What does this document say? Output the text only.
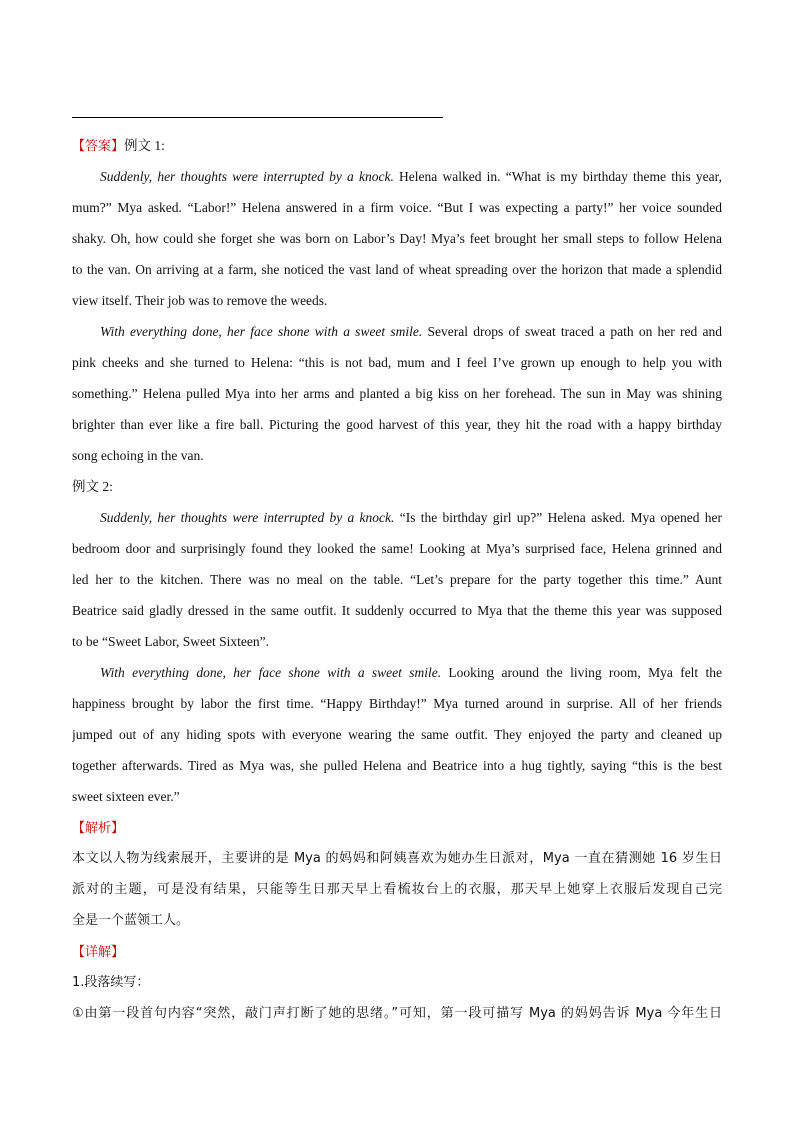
【答案】例文 1:
Suddenly, her thoughts were interrupted by a knock. Helena walked in. “What is my birthday theme this year,
mum?” Mya asked. “Labor!” Helena answered in a firm voice. “But I was expecting a party!” her voice sounded
shaky. Oh, how could she forget she was born on Labor’s Day! Mya’s feet brought her small steps to follow Helena
to the van. On arriving at a farm, she noticed the vast land of wheat spreading over the horizon that made a splendid
view itself. Their job was to remove the weeds.
With everything done, her face shone with a sweet smile. Several drops of sweat traced a path on her red and
pink cheeks and she turned to Helena: “this is not bad, mum and I feel I’ve grown up enough to help you with
something.” Helena pulled Mya into her arms and planted a big kiss on her forehead. The sun in May was shining
brighter than ever like a fire ball. Picturing the good harvest of this year, they hit the road with a happy birthday
song echoing in the van.
例文 2:
Suddenly, her thoughts were interrupted by a knock. “Is the birthday girl up?” Helena asked. Mya opened her
bedroom door and surprisingly found they looked the same! Looking at Mya’s surprised face, Helena grinned and
led her to the kitchen. There was no meal on the table. “Let’s prepare for the party together this time.” Aunt
Beatrice said gladly dressed in the same outfit. It suddenly occurred to Mya that the theme this year was supposed
to be “Sweet Labor, Sweet Sixteen”.
With everything done, her face shone with a sweet smile. Looking around the living room, Mya felt the
happiness brought by labor the first time. “Happy Birthday!” Mya turned around in surprise. All of her friends
jumped out of any hiding spots with everyone wearing the same outfit. They enjoyed the party and cleaned up
together afterwards. Tired as Mya was, she pulled Helena and Beatrice into a hug tightly, saying “this is the best
sweet sixteen ever.”
【解析】
本文以人物为线索展开，主要讲的是 Mya 的妈妈和阿姨喜欢为她办生日派对，Mya 一直在猜测她 16 岁生日
派对的主题，可是没有结果，只能等生日那天早上看梳妆台上的衣服，那天早上她穿上衣服后发现自己完
全是一个蓝领工人。
【详解】
1.段落续写：
①由第一段首句内容“突然，敲门声打断了她的思绪。”可知，第一段可描写 Mya 的妈妈告诉 Mya 今年生日
